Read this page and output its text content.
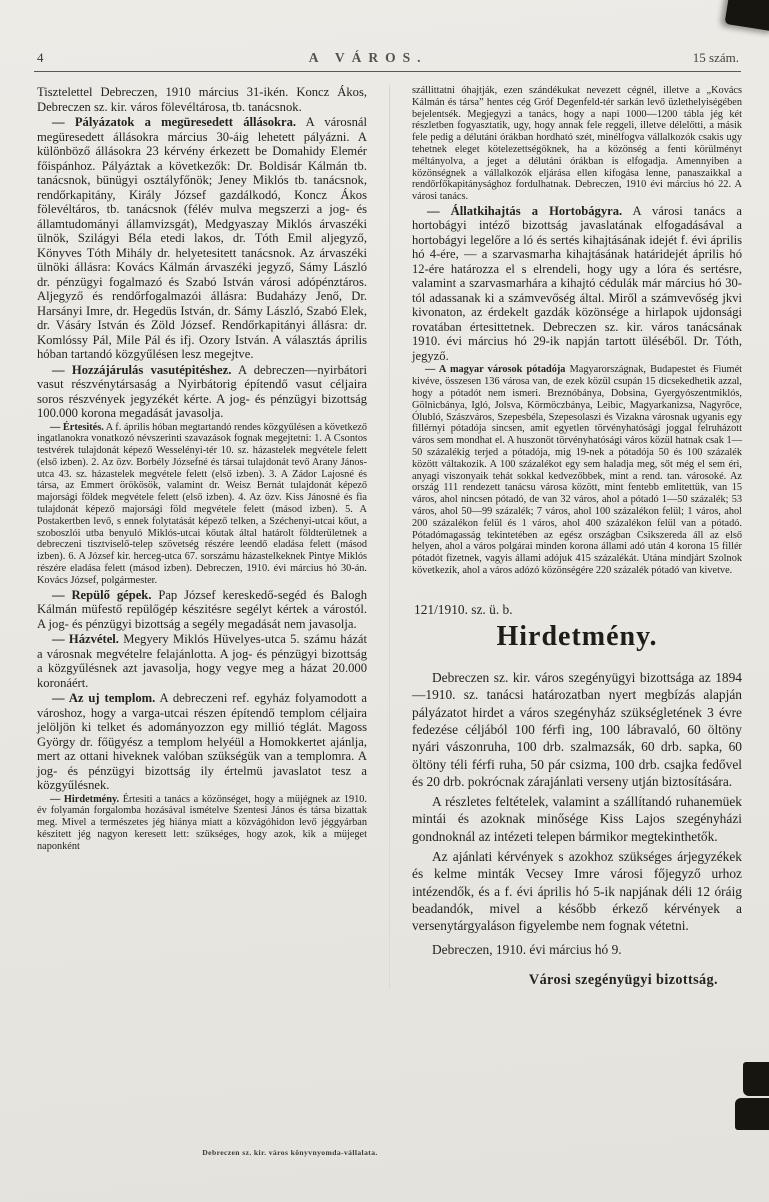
4	A VÁROS.	15 szám.

Tisztelettel Debreczen, 1910 március 31-ikén. Koncz Ákos, Debreczen sz. kir. város fölevéltárosa, tb. tanácsnok.

— Pályázatok a megüresedett állásokra. A városnál megüresedett állásokra március 30-áig lehetett pályázni. A különböző állásokra 23 kérvény érkezett be Domahidy Elemér főispánhoz. Pályáztak a következők: Dr. Boldisár Kálmán tb. tanácsnok, bünügyi osztályfőnök; Jeney Miklós tb. tanácsnok, rendőrkapitány, Király József gazdálkodó, Koncz Ákos fölevéltáros, tb. tanácsnok (félév mulva megszerzi a jog- és államtudományi államvizsgát), Medgyaszay Miklós árvaszéki ülnök, Szilágyi Béla etedi lakos, dr. Tóth Emil aljegyző, Könyves Tóth Mihály dr. helyetesitett tanácsnok. Az árvaszéki ülnöki állásra: Kovács Kálmán árvaszéki jegyző, Sámy László dr. pénzügyi fogalmazó és Szabó István városi adópénztáros. Aljegyző és rendőrfogalmazói állásra: Budaházy Jenő, Dr. Harsányi Imre, dr. Hegedüs István, dr. Sámy László, Szabó Elek, dr. Vásáry István és Zöld József. Rendőrkapitányi állásra: dr. Komlóssy Pál, Mile Pál és ifj. Ozory István. A választás április hóban tartandó közgyűlésen lesz megejtve.

— Hozzájárulás vasutépitéshez. A debreczen—nyirbátori vasut részvénytársaság a Nyirbátorig építendő vasut céljaira soros részvények jegyzékét kérte. A jog- és pénzügyi bizottság 100.000 korona megadását javasolja.

— Értesités. A f. április hóban megtartandó rendes közgyűlésen a következő ingatlanokra vonatkozó névszerinti szavazások fognak megejtetni: 1. A Csontos testvérek tulajdonát képező Wesselényi-tér 10. sz. házastelek megvétele felett (első izben). 2. Az özv. Borbély Józsefné és társai tulajdonát tevő Arany János-utca 43. sz. házastelek megvétele felett (első izben). 3. A Zádor Lajosné és társa, az Emmert örökösök, valamint dr. Weisz Bernát tulajdonát képező majorsági földek megvétele felett (első izben). 4. Az özv. Kiss Jánosné és fia tulajdonát képező majorsági föld megvétele felett (másod izben). 5. A Postakertben levő, s ennek folytatását képező telken, a Széchenyi-utcai kőut, a szoboszlói utba benyuló Miklós-utcai kőutak által határolt földterületnek a debreczeni tisztviselő-telep szövetség részére leendő eladása felett (másod izben). 6. A József kir. herceg-utca 67. sorszámu házastelkeknek Pintye Miklós részére eladása felett (másod izben). Debreczen, 1910. évi március hó 30-án. Kovács József, polgármester.

— Repülő gépek. Pap József kereskedő-segéd és Balogh Kálmán müfestő repülőgép készitésre segélyt kértek a várostól. A jog- és pénzügyi bizottság a segély megadását nem javasolja.

— Házvétel. Megyery Miklós Hüvelyes-utca 5. számu házát a városnak megvételre felajánlotta. A jog- és pénzügyi bizottság a közgyűlésnek azt javasolja, hogy vegye meg a házat 20.000 koronáért.

— Az uj templom. A debreczeni ref. egyház folyamodott a városhoz, hogy a varga-utcai részen építendő templom céljaira jelöljön ki telket és adományozzon egy millió téglát. Magoss György dr. főügyész a templom helyéül a Homokkertet ajánlja, mert az ottani hiveknek valóban szükségük van a templomra. A jog- és pénzügyi bizottság ily értelmü javaslatot tesz a közgyűlésnek.

— Hirdetmény. Értesiti a tanács a közönséget, hogy a müjégnek az 1910. év folyamán forgalomba hozásával ismételve Szentesi János és társa bizattak meg. Mivel a természetes jég hiánya miatt a közvágóhidon levő jéggyárban készitett jég nagyon keresett lett: szükséges, hogy azok, kik a müjeget naponként

szállittatni óhajtják, ezen szándékukat nevezett cégnél, illetve a „Kovács Kálmán és társa” hentes cég Gróf Degenfeld-tér sarkán levő üzlethelyiségében bejelentsék. Megjegyzi a tanács, hogy a napi 1000—1200 tábla jég két részletben fogyasztatik, ugy, hogy annak fele reggeli, illetve délelőtti, a másik fele pedig a délutáni órákban hordható szét, minélfogva vállalkozók csakis ugy tehetnek eleget kötelezettségöknek, ha a közönség a fenti körülményt méltányolva, a jeget a délutáni órákban is elfogadja. Amennyiben a közönségnek a vállalkozók eljárása ellen kifogása lenne, panaszaikkal a rendőrfőkapitánysághoz fordulhatnak. Debreczen, 1910 évi március hó 22. A városi tanács.

— Állatkihajtás a Hortobágyra. A városi tanács a hortobágyi intéző bizottság javaslatának elfogadásával a hortobágyi legelőre a ló és sertés kihajtásának idejét f. évi április hó 4-ére, — a szarvasmarha kihajtásának határidejét április hó 12-ére határozza el s elrendeli, hogy ugy a lóra és sertésre, valamint a szarvasmarhára a kihajtó cédulák már március hó 30-tól adassanak ki a számvevőség által. Miről a számvevőség jkvi kivonaton, az érdekelt gazdák közönsége a hirlapok ujdonsági rovatában értesittetnek. Debreczen sz. kir. város tanácsának 1910. évi március hó 29-ik napján tartott üléséből. Dr. Tóth, jegyző.

— A magyar városok pótadója Magyarországnak, Budapestet és Fiumét kivéve, összesen 136 városa van, de ezek közül csupán 15 dicsekedhetik azzal, hogy a pótadót nem ismeri. Breznóbánya, Dobsina, Gyergyószentmiklós, Gölnicbánya, Igló, Jolsva, Körmöczbánya, Leibic, Magyarkanizsa, Nagyrőce, Ólubló, Szászváros, Szepesbéla, Szepesolaszi és Vizakna városnak ugyanis egy fillérnyi pótadója sincsen, amit egyetlen törvényhatósági joggal felruházott város sem mondhat el. A huszonöt törvényhatósági város közül hatnak csak 1—50 százalékig terjed a pótadója, mig 19-nek a pótadója 50 és 100 százalék között váltakozik. A 100 százalékot egy sem haladja meg, sőt még el sem éri, anyagi viszonyaik tehát sokkal kedvezőbbek, mint a rend. tan. városoké. Az ország 111 rendezett tanácsu városa között, mint fentebb emlitettük, van 15 város, ahol nincsen pótadó, de van 32 város, ahol a pótadó 1—50 százalék; 53 város, ahol 50—99 százalék; 7 város, ahol 100 százalékon felül; 1 város, ahol 200 százalékon felül és 1 város, ahol 400 százalékon felül van a pótadó. Pótadómagasság tekintetében az egész országban Csikszereda áll az első helyen, ahol a város polgárai minden korona állami adó után 4 korona 15 fillér pótadót fizetnek, vagyis állami adójuk 415 százalékát. Utána mindjárt Szolnok következik, ahol a város adózó közönségére 220 százalék pótadó van kivetve.

121/1910. sz. ü. b.

Hirdetmény.

Debreczen sz. kir. város szegényügyi bizottsága az 1894—1910. sz. tanácsi határozatban nyert megbízás alapján pályázatot hirdet a város szegényház szükségletének 3 évre fedezése céljából 100 férfi ing, 100 lábravaló, 60 öltöny nyári vászonruha, 100 drb. szalmazsák, 60 drb. sapka, 60 öltöny téli férfi ruha, 50 pár csizma, 100 drb. csajka fedővel és 20 drb. pokrócnak zárajánlati verseny utján biztosítására.

A részletes feltételek, valamint a szállítandó ruhanemüek mintái és azoknak minősége Kiss Lajos szegényházi gondnoknál az intézeti telepen bármikor megtekinthetők.

Az ajánlati kérvények s azokhoz szükséges árjegyzékek és kelme minták Vecsey Imre városi főjegyző urhoz intézendők, és a f. évi április hó 5-ik napjának déli 12 óráig beadandók, mivel a később érkező kérvények a versenytárgyaláson figyelembe nem fognak vétetni.

Debreczen, 1910. évi március hó 9.

Városi szegényügyi bizottság.
Debreczen sz. kir. város könyvnyomda-vállalata.
